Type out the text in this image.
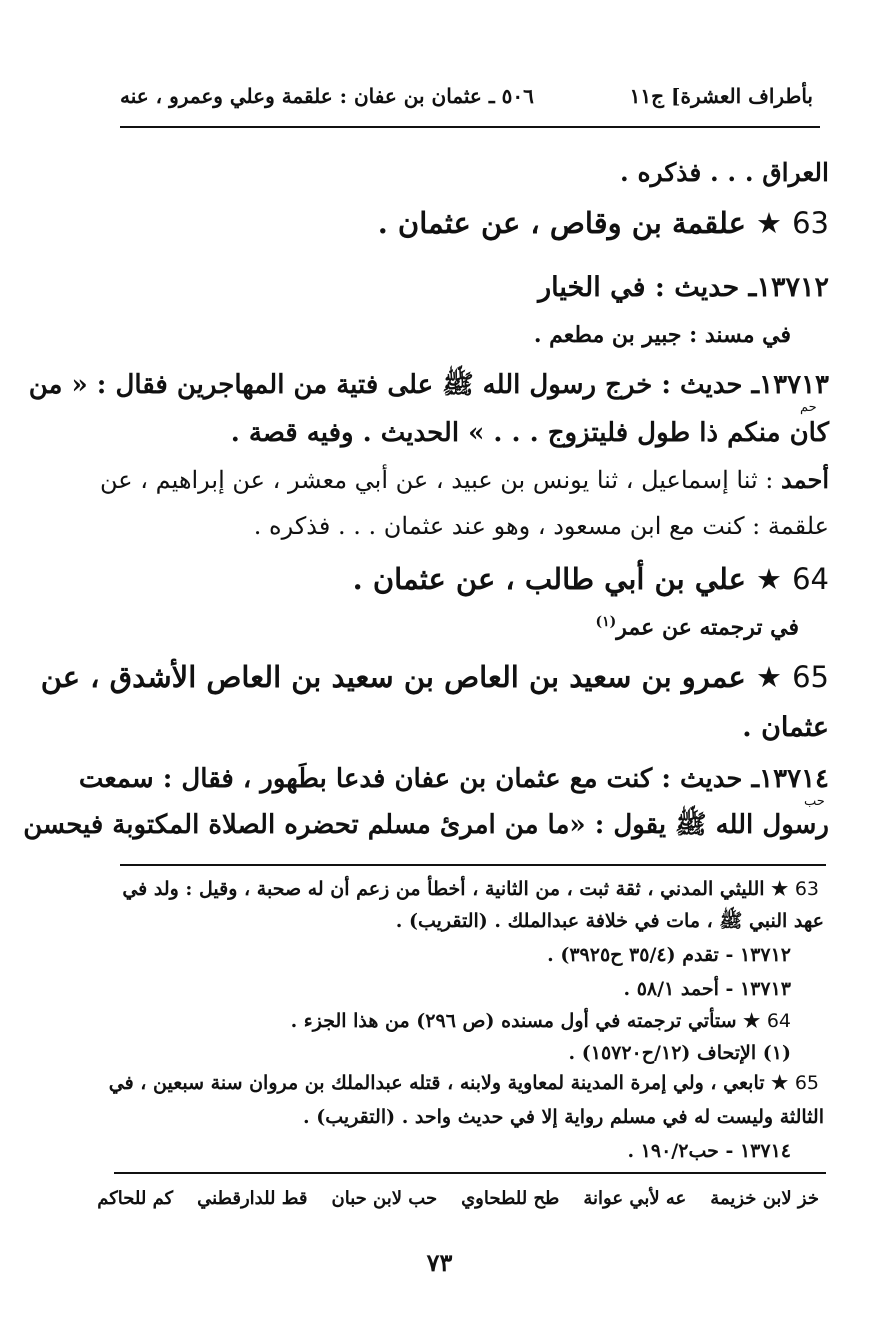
بأطراف العشرة] ج١١
٥٠٦ ـ عثمان بن عفان : علقمة وعلي وعمرو ، عنه
العراق . . . فذكره .
63 ★ علقمة بن وقاص ، عن عثمان .
١٣٧١٢ـ حديث : في الخيار
في مسند : جبير بن مطعم .
١٣٧١٣ـ حديث : خرج رسول الله ﷺ على فتية من المهاجرين فقال : « من
حم
كان منكم ذا طول فليتزوج . . . » الحديث . وفيه قصة .
أحمد : ثنا إسماعيل ، ثنا يونس بن عبيد ، عن أبي معشر ، عن إبراهيم ، عن
علقمة : كنت مع ابن مسعود ، وهو عند عثمان . . . فذكره .
64 ★ علي بن أبي طالب ، عن عثمان .
في ترجمته عن عمر$^{(١)}$
65 ★ عمرو بن سعيد بن العاص بن سعيد بن العاص الأشدق ، عن
عثمان .
١٣٧١٤ـ حديث : كنت مع عثمان بن عفان فدعا بطَهور ، فقال : سمعت
حب
رسول الله ﷺ يقول : «ما من امرئ مسلم تحضره الصلاة المكتوبة فيحسن
63 ★ الليثي المدني ، ثقة ثبت ، من الثانية ، أخطأ من زعم أن له صحبة ، وقيل : ولد في
عهد النبي ﷺ ، مات في خلافة عبدالملك . (التقريب) .
١٣٧١٢ - تقدم (٣٥/٤ ح٣٩٢٥) .
١٣٧١٣ - أحمد ٥٨/١ .
64 ★ ستأتي ترجمته في أول مسنده (ص ٢٩٦) من هذا الجزء .
(١) الإتحاف (١٢/ح١٥٧٢٠) .
65 ★ تابعي ، ولي إمرة المدينة لمعاوية ولابنه ، قتله عبدالملك بن مروان سنة سبعين ، في
الثالثة وليست له في مسلم رواية إلا في حديث واحد . (التقريب) .
١٣٧١٤ - حب١٩٠/٢ .
خز لابن خزيمة
عه لأبي عوانة
طح للطحاوي
حب لابن حبان
قط للدارقطني
كم للحاكم
٧٣
